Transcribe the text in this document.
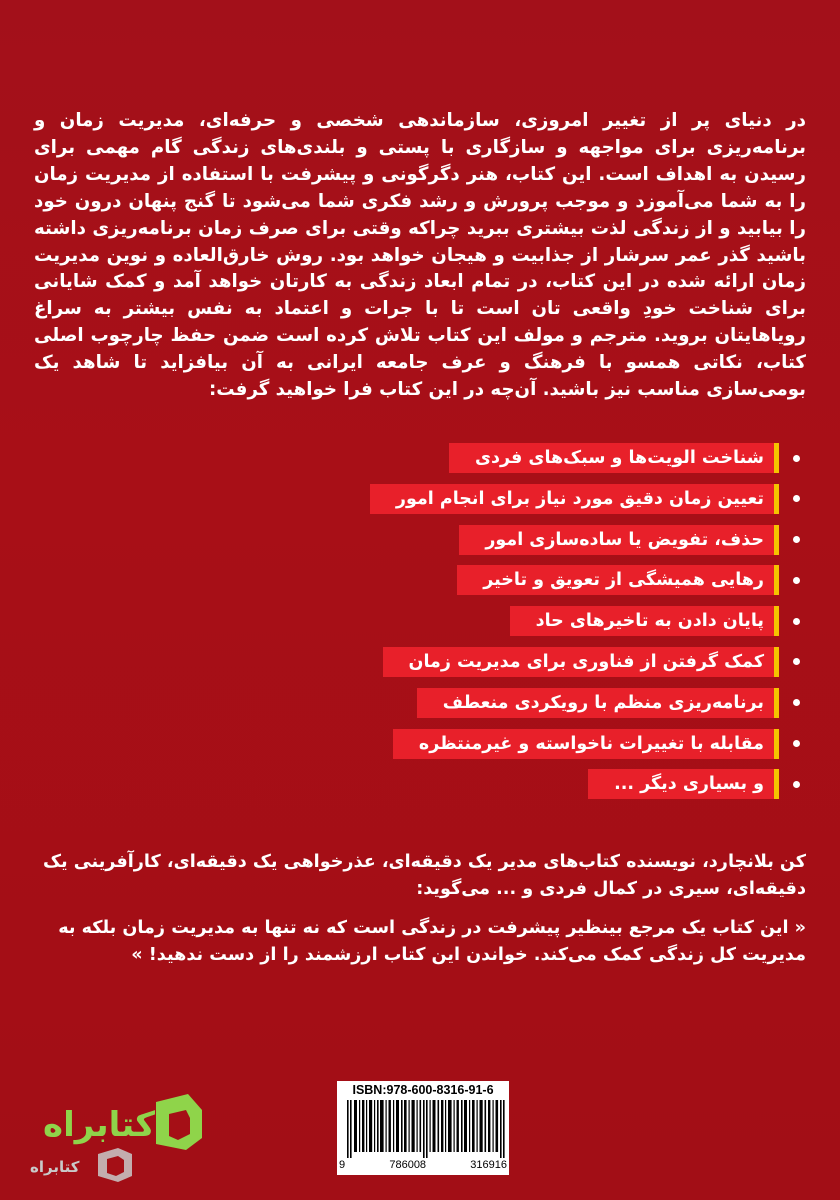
در دنیای پر از تغییر امروزی، سازماندهی شخصی و حرفه‌ای، مدیریت زمان و برنامه‌ریزی برای مواجهه و سازگاری با پستی و بلندی‌های زندگی گام مهمی برای رسیدن به اهداف است. این کتاب، هنر دگرگونی و پیشرفت با استفاده از مدیریت زمان را به شما می‌آموزد و موجب پرورش و رشد فکری شما می‌شود تا گنج پنهان درون خود را بیابید و از زندگی لذت بیشتری ببرید چراکه وقتی برای صرف زمان برنامه‌ریزی داشته باشید گذر عمر سرشار از جذابیت و هیجان خواهد بود. روش خارق‌العاده و نوین مدیریت زمان ارائه شده در این کتاب، در تمام ابعاد زندگی به کارتان خواهد آمد و کمک شایانی برای شناخت خودِ واقعی تان است تا با جرات و اعتماد به نفس بیشتر به سراغ رویاهایتان بروید. مترجم و مولف این کتاب تلاش کرده است ضمن حفظ چارچوب اصلی کتاب، نکاتی همسو با فرهنگ و عرف جامعه ایرانی به آن بیافزاید تا شاهد یک بومی‌سازی مناسب نیز باشید. آن‌چه در این کتاب فرا خواهید گرفت:
شناخت الویت‌ها و سبک‌های فردی
تعیین زمان دقیق مورد نیاز برای انجام امور
حذف، تفویض یا ساده‌سازی امور
رهایی همیشگی از تعویق و تاخیر
پایان دادن به تاخیرهای حاد
کمک گرفتن از فناوری برای مدیریت زمان
برنامه‌ریزی منظم با رویکردی منعطف
مقابله با تغییرات ناخواسته و غیرمنتظره
و بسیاری دیگر ...
کن بلانچارد، نویسنده کتاب‌های مدیر یک دقیقه‌ای، عذرخواهی یک دقیقه‌ای، کارآفرینی یک دقیقه‌ای، سیری در کمال فردی و ... می‌گوید:
« این کتاب یک مرجع بینظیر پیشرفت در زندگی است که نه تنها به مدیریت زمان بلکه به مدیریت کل زندگی کمک می‌کند. خواندن این کتاب ارزشمند را از دست ندهید! »
ISBN:978-600-8316-91-6
9	786008	316916
کتابراه
کتابراه
